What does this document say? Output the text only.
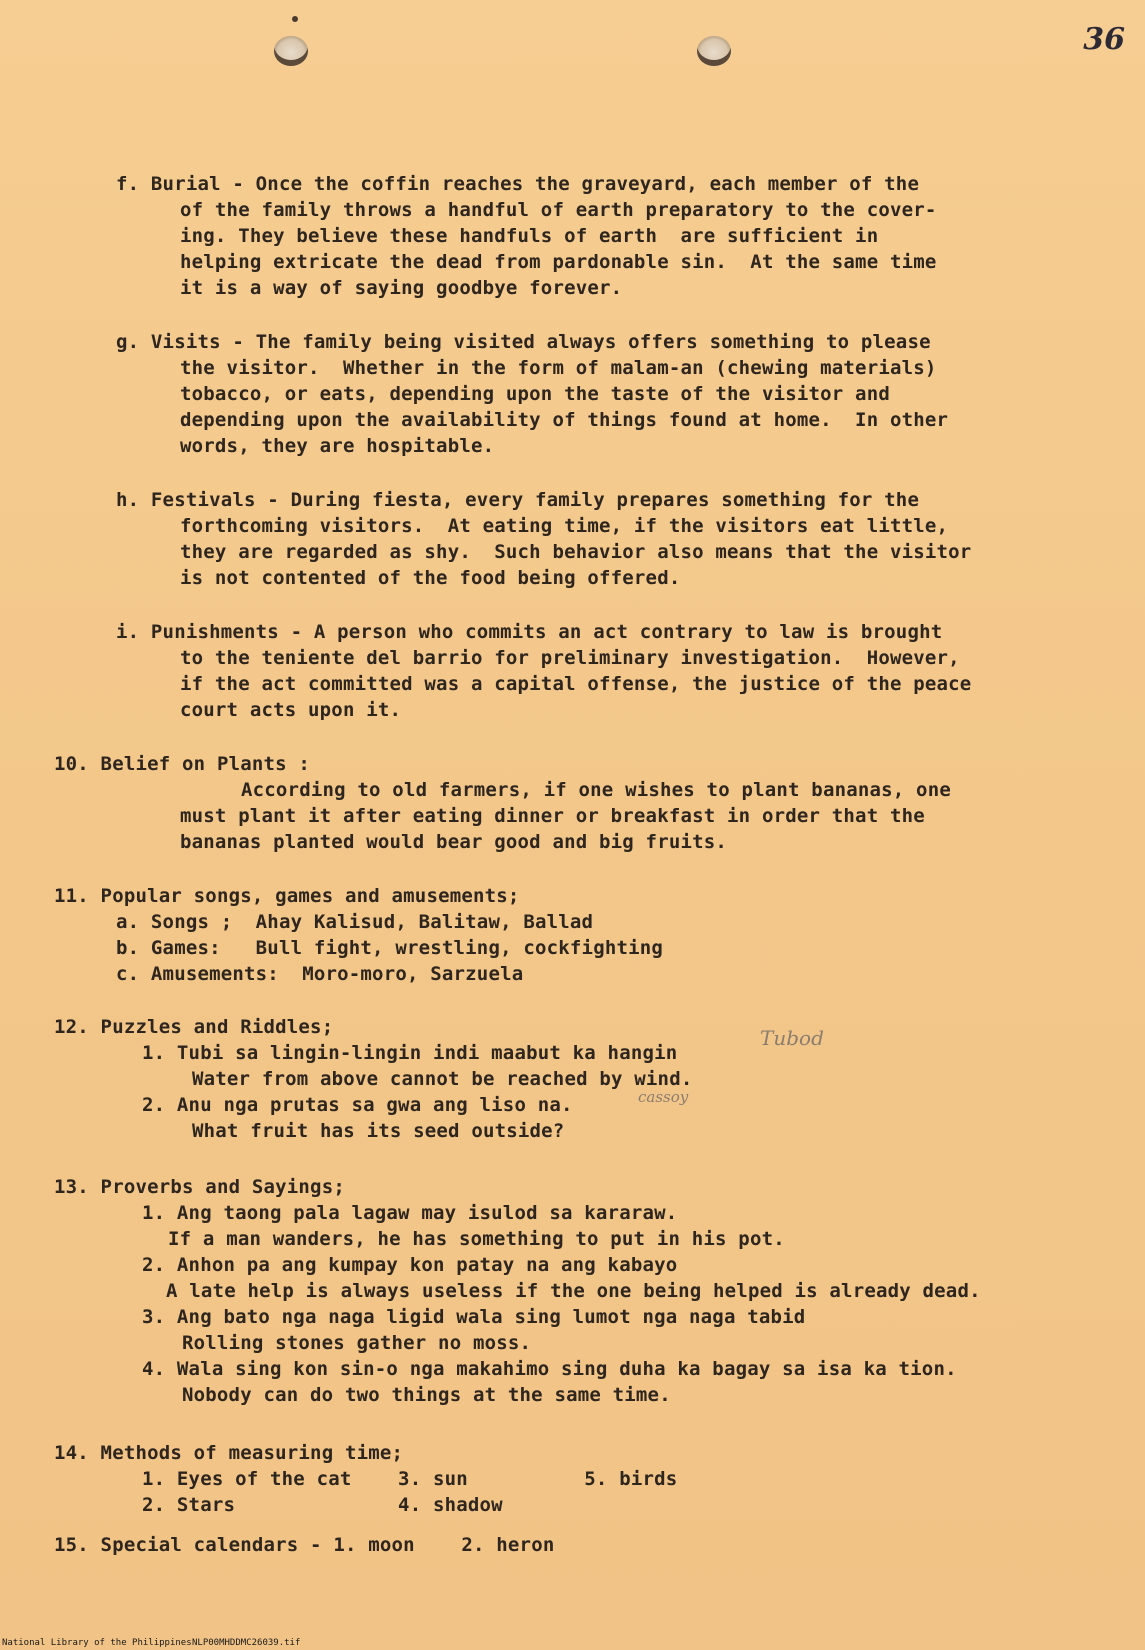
36
f. Burial - Once the coffin reaches the graveyard, each member of the
of the family throws a handful of earth preparatory to the cover-
ing. They believe these handfuls of earth  are sufficient in
helping extricate the dead from pardonable sin.  At the same time
it is a way of saying goodbye forever.
g. Visits - The family being visited always offers something to please
the visitor.  Whether in the form of malam-an (chewing materials)
tobacco, or eats, depending upon the taste of the visitor and
depending upon the availability of things found at home.  In other
words, they are hospitable.
h. Festivals - During fiesta, every family prepares something for the
forthcoming visitors.  At eating time, if the visitors eat little,
they are regarded as shy.  Such behavior also means that the visitor
is not contented of the food being offered.
i. Punishments - A person who commits an act contrary to law is brought
to the teniente del barrio for preliminary investigation.  However,
if the act committed was a capital offense, the justice of the peace
court acts upon it.
10. Belief on Plants :
According to old farmers, if one wishes to plant bananas, one
must plant it after eating dinner or breakfast in order that the
bananas planted would bear good and big fruits.
11. Popular songs, games and amusements;
a. Songs ;  Ahay Kalisud, Balitaw, Ballad
b. Games:   Bull fight, wrestling, cockfighting
c. Amusements:  Moro-moro, Sarzuela
12. Puzzles and Riddles;
1. Tubi sa lingin-lingin indi maabut ka hangin
Water from above cannot be reached by wind.
2. Anu nga prutas sa gwa ang liso na.
What fruit has its seed outside?
Tubod
cassoy
13. Proverbs and Sayings;
1. Ang taong pala lagaw may isulod sa kararaw.
If a man wanders, he has something to put in his pot.
2. Anhon pa ang kumpay kon patay na ang kabayo
A late help is always useless if the one being helped is already dead.
3. Ang bato nga naga ligid wala sing lumot nga naga tabid
Rolling stones gather no moss.
4. Wala sing kon sin-o nga makahimo sing duha ka bagay sa isa ka tion.
Nobody can do two things at the same time.
14. Methods of measuring time;
1. Eyes of the cat    3. sun          5. birds
2. Stars              4. shadow
15. Special calendars - 1. moon    2. heron
National Library of the Philippines NLP00MHDDMC26039.tif
